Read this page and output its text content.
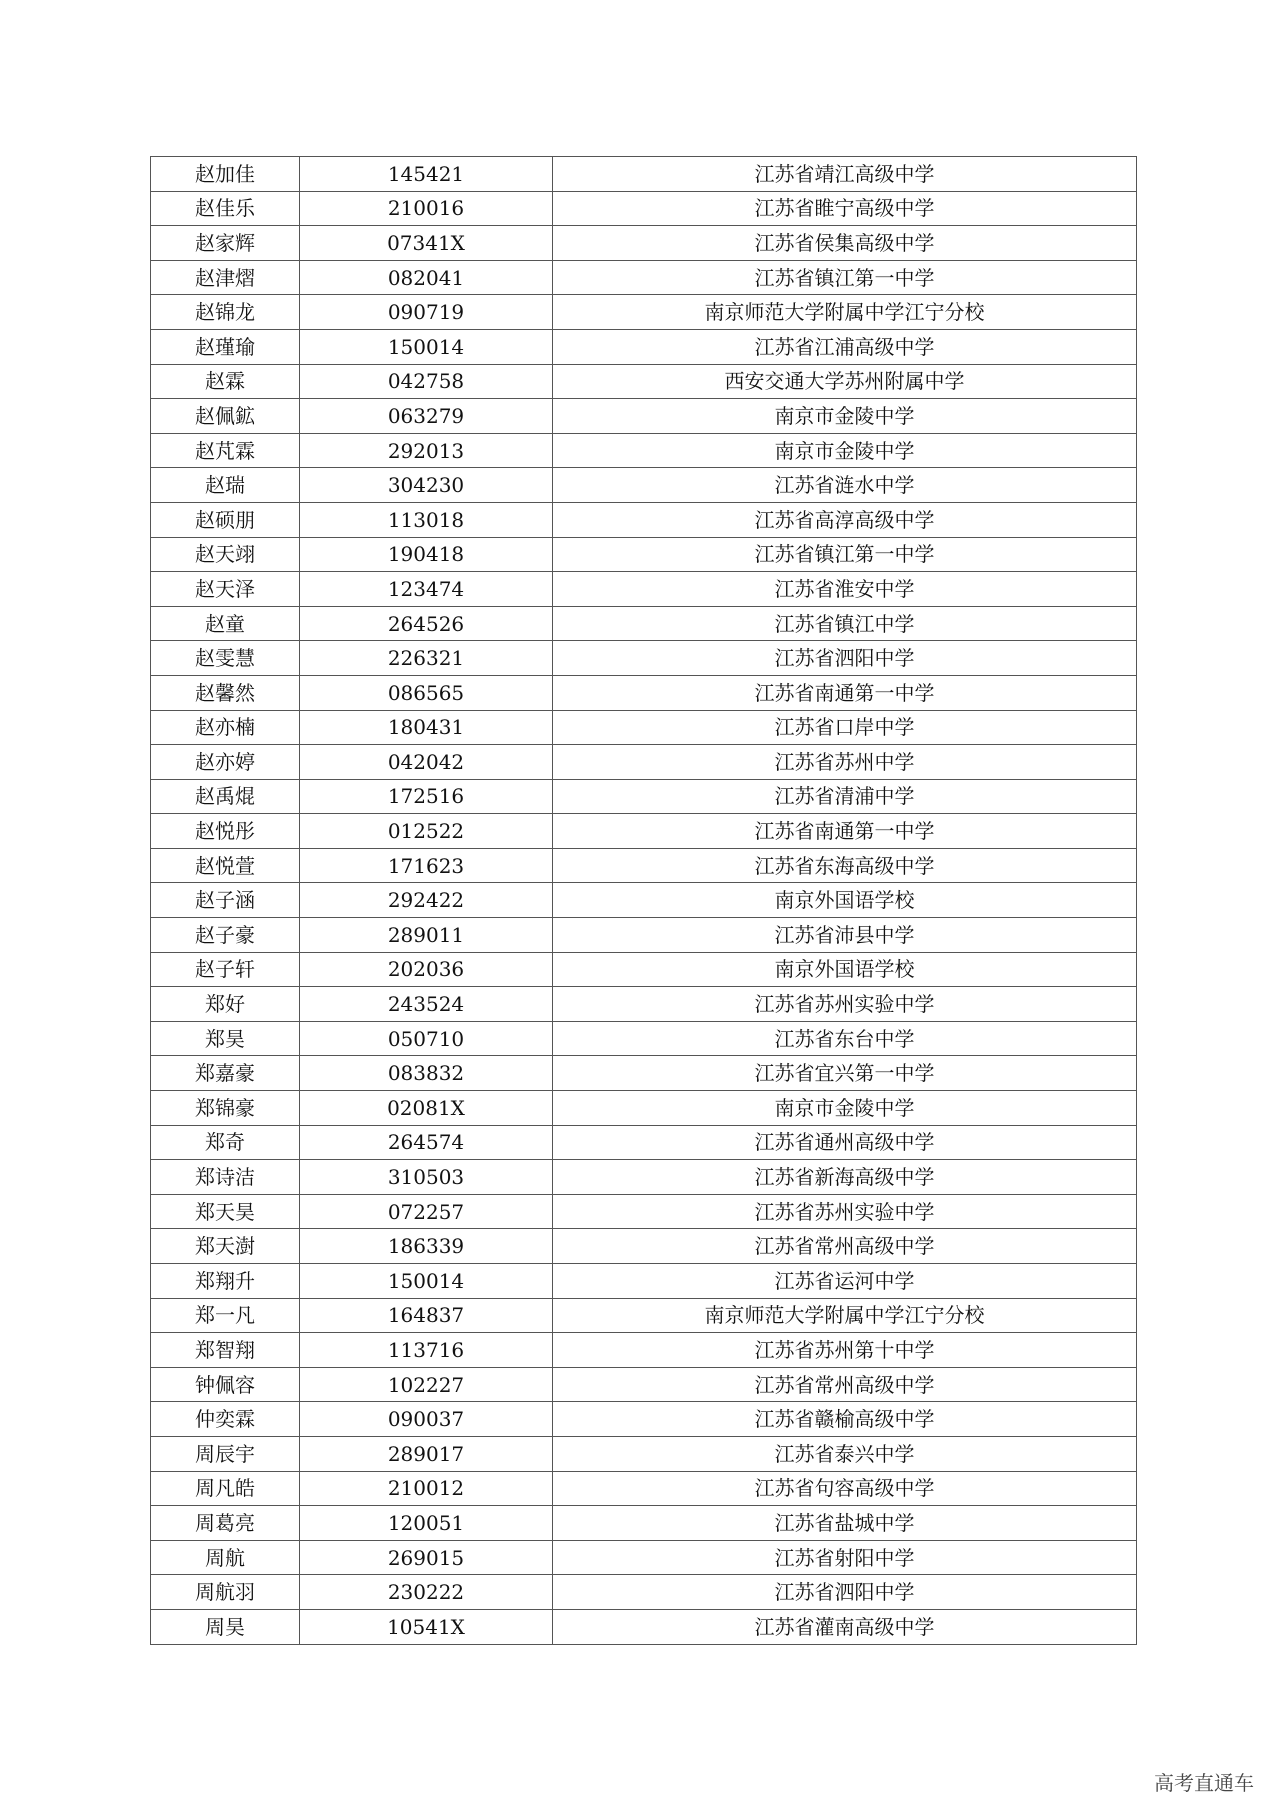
赵加佳	145421	江苏省靖江高级中学
赵佳乐	210016	江苏省睢宁高级中学
赵家辉	07341X	江苏省侯集高级中学
赵津熠	082041	江苏省镇江第一中学
赵锦龙	090719	南京师范大学附属中学江宁分校
赵瑾瑜	150014	江苏省江浦高级中学
赵霖	042758	西安交通大学苏州附属中学
赵佩鉱	063279	南京市金陵中学
赵芃霖	292013	南京市金陵中学
赵瑞	304230	江苏省涟水中学
赵硕朋	113018	江苏省高淳高级中学
赵天翊	190418	江苏省镇江第一中学
赵天泽	123474	江苏省淮安中学
赵童	264526	江苏省镇江中学
赵雯慧	226321	江苏省泗阳中学
赵馨然	086565	江苏省南通第一中学
赵亦楠	180431	江苏省口岸中学
赵亦婷	042042	江苏省苏州中学
赵禹焜	172516	江苏省清浦中学
赵悦彤	012522	江苏省南通第一中学
赵悦萱	171623	江苏省东海高级中学
赵子涵	292422	南京外国语学校
赵子豪	289011	江苏省沛县中学
赵子轩	202036	南京外国语学校
郑好	243524	江苏省苏州实验中学
郑昊	050710	江苏省东台中学
郑嘉豪	083832	江苏省宜兴第一中学
郑锦豪	02081X	南京市金陵中学
郑奇	264574	江苏省通州高级中学
郑诗洁	310503	江苏省新海高级中学
郑天昊	072257	江苏省苏州实验中学
郑天澍	186339	江苏省常州高级中学
郑翔升	150014	江苏省运河中学
郑一凡	164837	南京师范大学附属中学江宁分校
郑智翔	113716	江苏省苏州第十中学
钟佩容	102227	江苏省常州高级中学
仲奕霖	090037	江苏省赣榆高级中学
周辰宇	289017	江苏省泰兴中学
周凡皓	210012	江苏省句容高级中学
周葛亮	120051	江苏省盐城中学
周航	269015	江苏省射阳中学
周航羽	230222	江苏省泗阳中学
周昊	10541X	江苏省灌南高级中学
高考直通车
